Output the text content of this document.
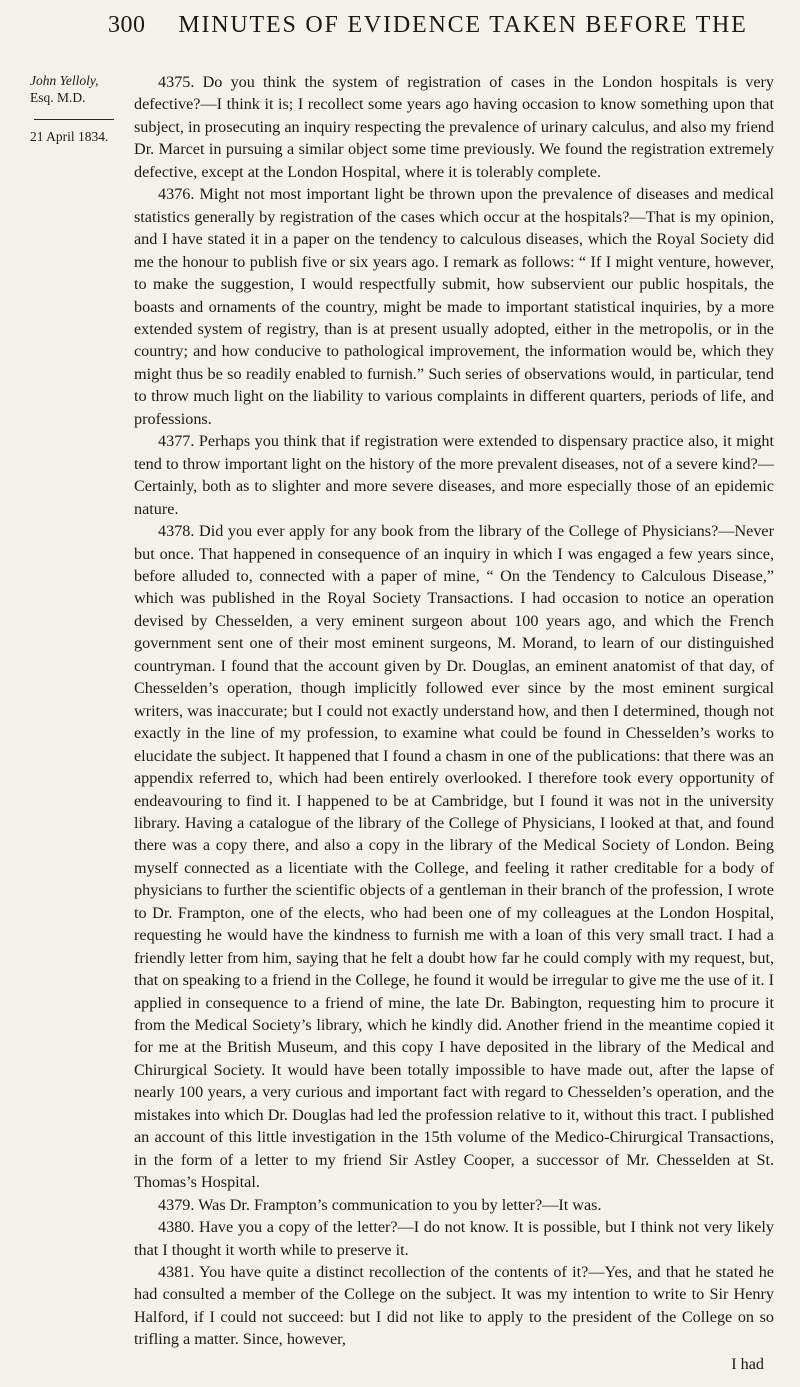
300	MINUTES OF EVIDENCE TAKEN BEFORE THE
John Yelloly,
Esq. M.D.
21 April 1834.

4375. Do you think the system of registration of cases in the London hospitals is very defective?—I think it is; I recollect some years ago having occasion to know something upon that subject, in prosecuting an inquiry respecting the prevalence of urinary calculus, and also my friend Dr. Marcet in pursuing a similar object some time previously. We found the registration extremely defective, except at the London Hospital, where it is tolerably complete.

4376. Might not most important light be thrown upon the prevalence of diseases and medical statistics generally by registration of the cases which occur at the hospitals?—That is my opinion, and I have stated it in a paper on the tendency to calculous diseases, which the Royal Society did me the honour to publish five or six years ago. I remark as follows: “ If I might venture, however, to make the suggestion, I would respectfully submit, how subservient our public hospitals, the boasts and ornaments of the country, might be made to important statistical inquiries, by a more extended system of registry, than is at present usually adopted, either in the metropolis, or in the country; and how conducive to pathological improvement, the information would be, which they might thus be so readily enabled to furnish.” Such series of observations would, in particular, tend to throw much light on the liability to various complaints in different quarters, periods of life, and professions.

4377. Perhaps you think that if registration were extended to dispensary practice also, it might tend to throw important light on the history of the more prevalent diseases, not of a severe kind?—Certainly, both as to slighter and more severe diseases, and more especially those of an epidemic nature.

4378. Did you ever apply for any book from the library of the College of Physicians?—Never but once. That happened in consequence of an inquiry in which I was engaged a few years since, before alluded to, connected with a paper of mine, “ On the Tendency to Calculous Disease,” which was published in the Royal Society Transactions. I had occasion to notice an operation devised by Chesselden, a very eminent surgeon about 100 years ago, and which the French government sent one of their most eminent surgeons, M. Morand, to learn of our distinguished countryman. I found that the account given by Dr. Douglas, an eminent anatomist of that day, of Chesselden’s operation, though implicitly followed ever since by the most eminent surgical writers, was inaccurate; but I could not exactly understand how, and then I determined, though not exactly in the line of my profession, to examine what could be found in Chesselden’s works to elucidate the subject. It happened that I found a chasm in one of the publications: that there was an appendix referred to, which had been entirely overlooked. I therefore took every opportunity of endeavouring to find it. I happened to be at Cambridge, but I found it was not in the university library. Having a catalogue of the library of the College of Physicians, I looked at that, and found there was a copy there, and also a copy in the library of the Medical Society of London. Being myself connected as a licentiate with the College, and feeling it rather creditable for a body of physicians to further the scientific objects of a gentleman in their branch of the profession, I wrote to Dr. Frampton, one of the elects, who had been one of my colleagues at the London Hospital, requesting he would have the kindness to furnish me with a loan of this very small tract. I had a friendly letter from him, saying that he felt a doubt how far he could comply with my request, but, that on speaking to a friend in the College, he found it would be irregular to give me the use of it. I applied in consequence to a friend of mine, the late Dr. Babington, requesting him to procure it from the Medical Society’s library, which he kindly did. Another friend in the meantime copied it for me at the British Museum, and this copy I have deposited in the library of the Medical and Chirurgical Society. It would have been totally impossible to have made out, after the lapse of nearly 100 years, a very curious and important fact with regard to Chesselden’s operation, and the mistakes into which Dr. Douglas had led the profession relative to it, without this tract. I published an account of this little investigation in the 15th volume of the Medico-Chirurgical Transactions, in the form of a letter to my friend Sir Astley Cooper, a successor of Mr. Chesselden at St. Thomas’s Hospital.

4379. Was Dr. Frampton’s communication to you by letter?—It was.

4380. Have you a copy of the letter?—I do not know. It is possible, but I think not very likely that I thought it worth while to preserve it.

4381. You have quite a distinct recollection of the contents of it?—Yes, and that he stated he had consulted a member of the College on the subject. It was my intention to write to Sir Henry Halford, if I could not succeed: but I did not like to apply to the president of the College on so trifling a matter. Since, however,

I had
